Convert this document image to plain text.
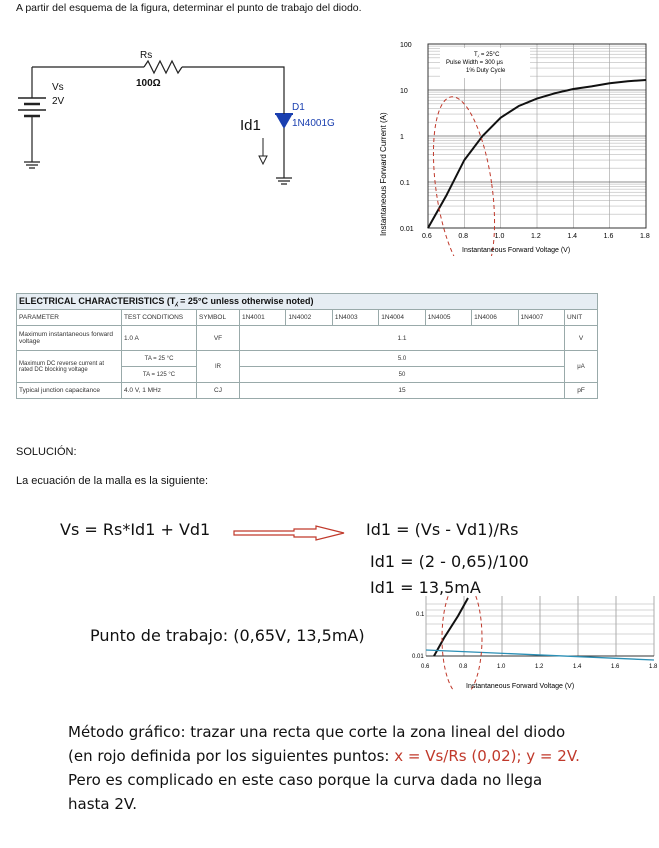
A partir del esquema de la figura, determinar el punto de trabajo del diodo.
Rs
100Ω
Vs
2V
D1
1N4001G
Id1
T⁁ = 25°C
Pulse Width = 300 μs
1% Duty Cycle
100
10
1
0.1
0.01
0.6	0.8	1.0	1.2	1.4	1.6	1.8
Instantaneous Forward Current (A)
Instantaneous Forward Voltage (V)
ELECTRICAL CHARACTERISTICS (T⁁ = 25°C unless otherwise noted)										
PARAMETER	TEST CONDITIONS	SYMBOL	1N4001	1N4002	1N4003	1N4004	1N4005	1N4006	1N4007	UNIT
Maximum instantaneous forward voltage	1.0 A	VF	1.1							V
Maximum DC reverse current at rated DC blocking voltage	TA = 25 °C	IR	5.0							μA
	TA = 125 °C		50							
Typical junction capacitance	4.0 V, 1 MHz	CJ	15							pF
SOLUCIÓN:
La ecuación de la malla es la siguiente:
Vs = Rs*Id1 + Vd1	Id1 = (Vs - Vd1)/Rs
Id1 = (2 - 0,65)/100
Id1 = 13,5mA
Punto de trabajo: (0,65V, 13,5mA)
0.1
0.01
0.6	0.8	1.0	1.2	1.4	1.6	1.8
Instantaneous Forward Voltage (V)
Método gráfico: trazar una recta que corte la zona lineal del diodo
(en rojo definida por los siguientes puntos: x = Vs/Rs (0,02); y = 2V.
Pero es complicado en este caso porque la curva dada no llega
hasta 2V.
